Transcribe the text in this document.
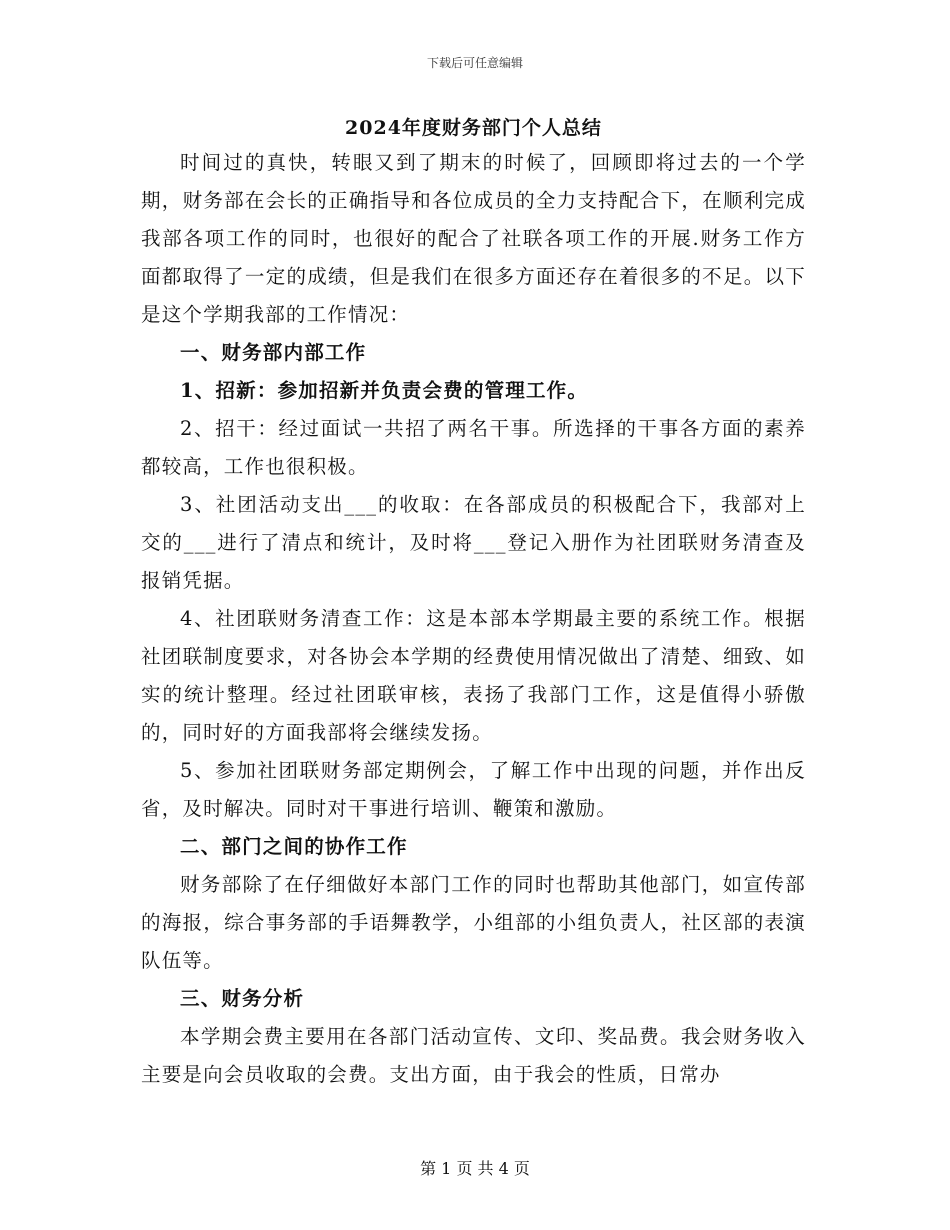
下载后可任意编辑
2024年度财务部门个人总结

时间过的真快，转眼又到了期末的时候了，回顾即将过去的一个学期，财务部在会长的正确指导和各位成员的全力支持配合下，在顺利完成我部各项工作的同时，也很好的配合了社联各项工作的开展.财务工作方面都取得了一定的成绩，但是我们在很多方面还存在着很多的不足。以下是这个学期我部的工作情况：

一、财务部内部工作

1、招新：参加招新并负责会费的管理工作。

2、招干：经过面试一共招了两名干事。所选择的干事各方面的素养都较高，工作也很积极。

3、社团活动支出___的收取：在各部成员的积极配合下，我部对上交的___进行了清点和统计，及时将___登记入册作为社团联财务清查及报销凭据。

4、社团联财务清查工作：这是本部本学期最主要的系统工作。根据社团联制度要求，对各协会本学期的经费使用情况做出了清楚、细致、如实的统计整理。经过社团联审核，表扬了我部门工作，这是值得小骄傲的，同时好的方面我部将会继续发扬。

5、参加社团联财务部定期例会，了解工作中出现的问题，并作出反省，及时解决。同时对干事进行培训、鞭策和激励。

二、部门之间的协作工作

财务部除了在仔细做好本部门工作的同时也帮助其他部门，如宣传部的海报，综合事务部的手语舞教学，小组部的小组负责人，社区部的表演队伍等。

三、财务分析

本学期会费主要用在各部门活动宣传、文印、奖品费。我会财务收入主要是向会员收取的会费。支出方面，由于我会的性质，日常办

第 1 页 共 4 页
